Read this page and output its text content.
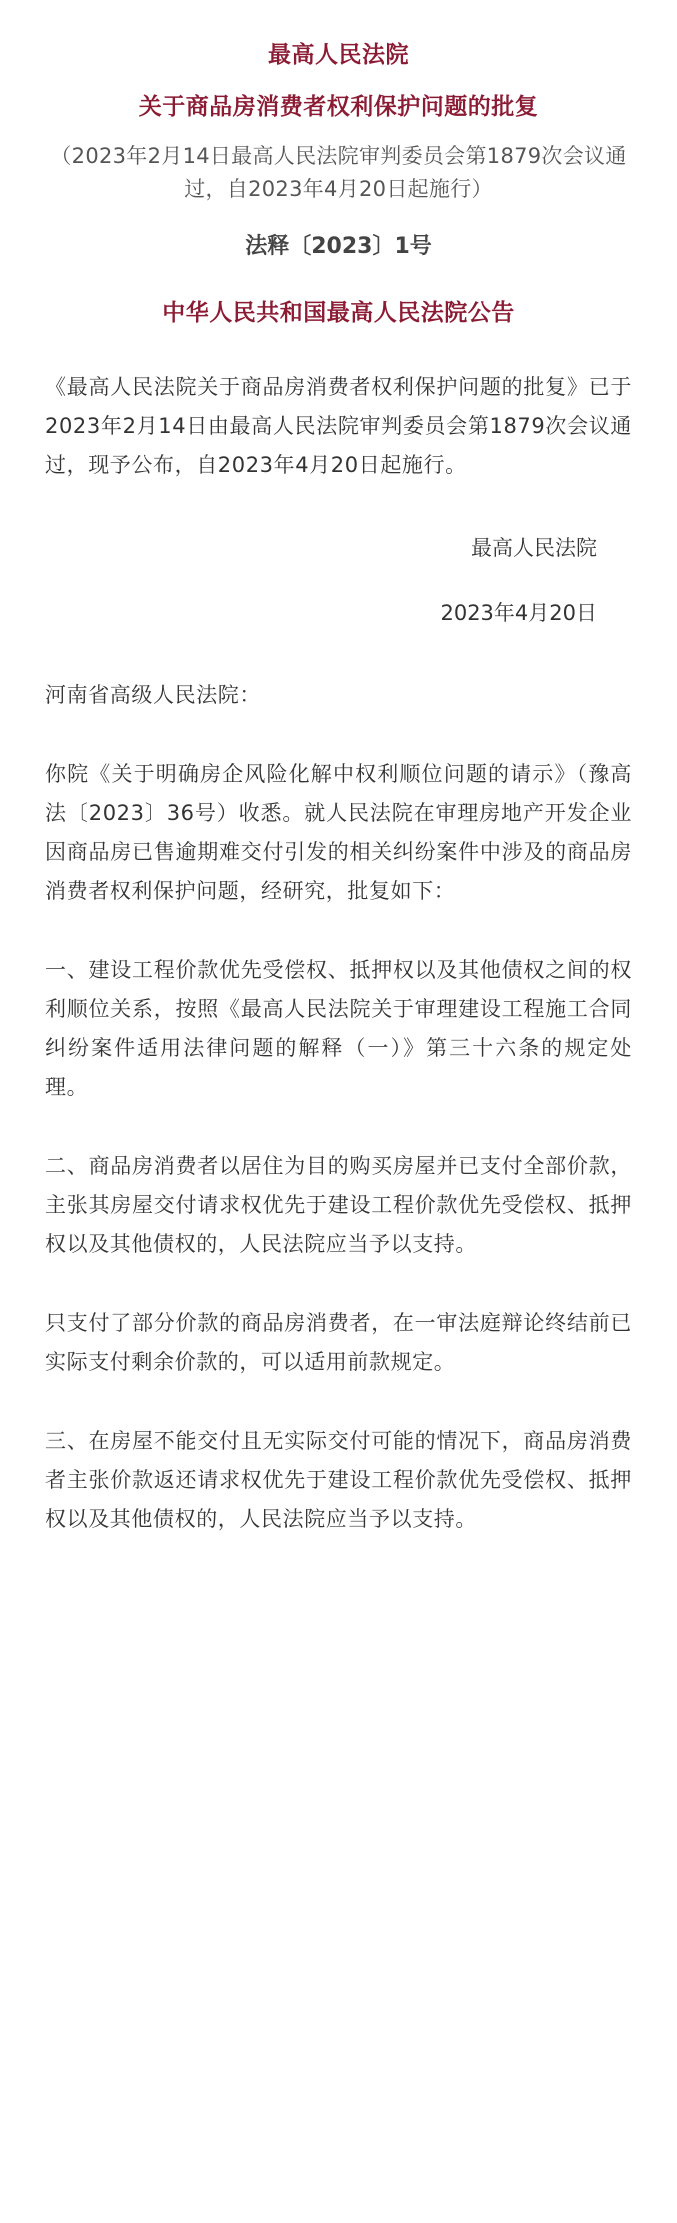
最高人民法院
关于商品房消费者权利保护问题的批复

（2023年2月14日最高人民法院审判委员会第1879次会议通过，自2023年4月20日起施行）

法释〔2023〕1号

中华人民共和国最高人民法院公告

《最高人民法院关于商品房消费者权利保护问题的批复》已于2023年2月14日由最高人民法院审判委员会第1879次会议通过，现予公布，自2023年4月20日起施行。

最高人民法院

2023年4月20日

河南省高级人民法院：

你院《关于明确房企风险化解中权利顺位问题的请示》（豫高法〔2023〕36号）收悉。就人民法院在审理房地产开发企业因商品房已售逾期难交付引发的相关纠纷案件中涉及的商品房消费者权利保护问题，经研究，批复如下：

一、建设工程价款优先受偿权、抵押权以及其他债权之间的权利顺位关系，按照《最高人民法院关于审理建设工程施工合同纠纷案件适用法律问题的解释（一）》第三十六条的规定处理。

二、商品房消费者以居住为目的购买房屋并已支付全部价款，主张其房屋交付请求权优先于建设工程价款优先受偿权、抵押权以及其他债权的，人民法院应当予以支持。

只支付了部分价款的商品房消费者，在一审法庭辩论终结前已实际支付剩余价款的，可以适用前款规定。

三、在房屋不能交付且无实际交付可能的情况下，商品房消费者主张价款返还请求权优先于建设工程价款优先受偿权、抵押权以及其他债权的，人民法院应当予以支持。
